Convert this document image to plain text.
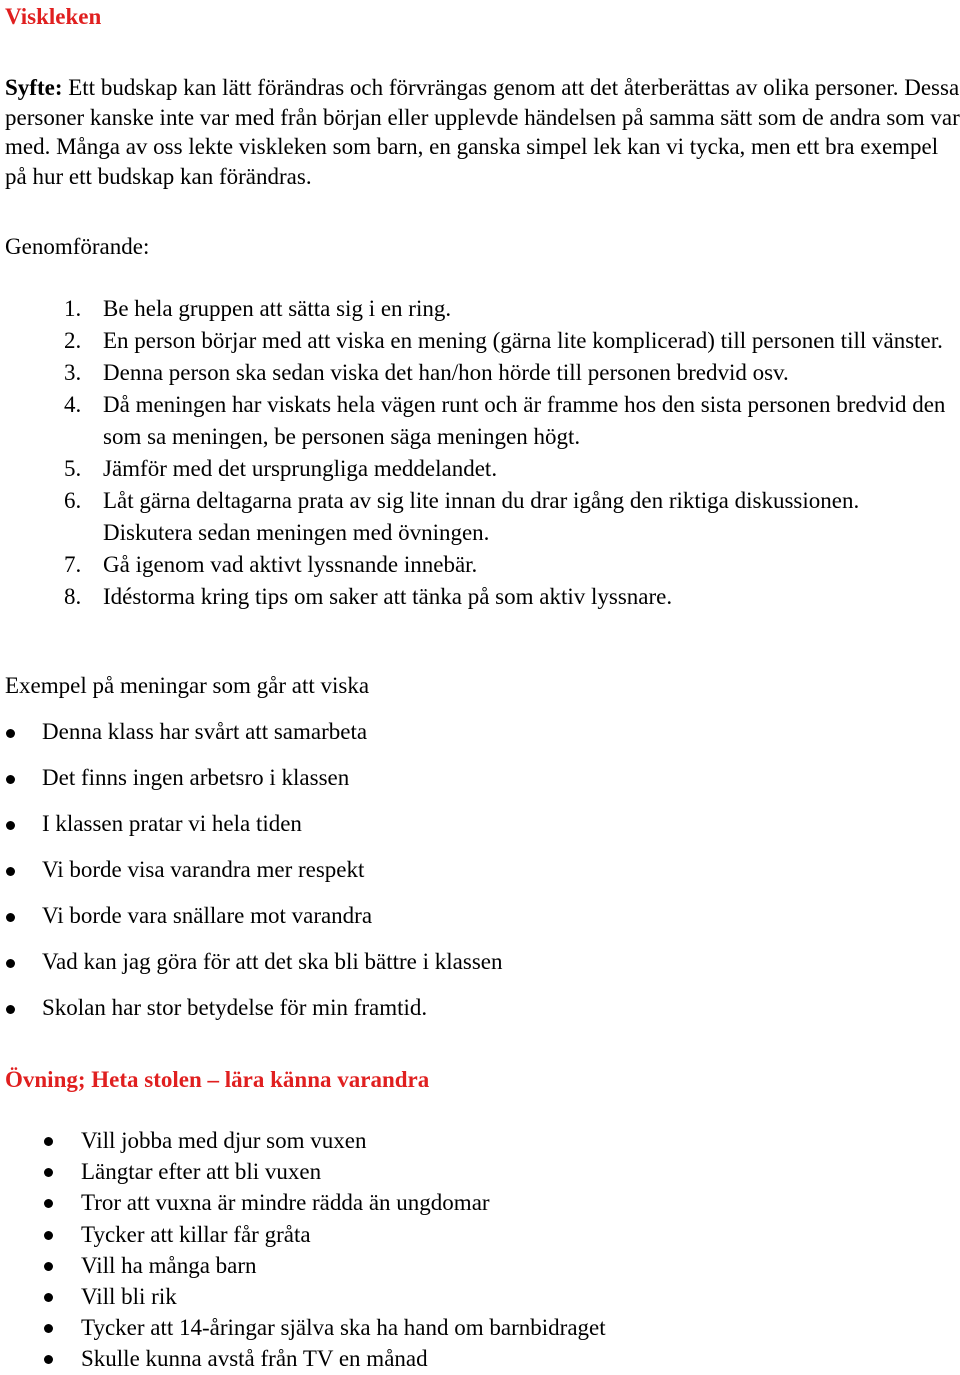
Viskleken

Syfte: Ett budskap kan lätt förändras och förvrängas genom att det återberättas av olika personer. Dessa personer kanske inte var med från början eller upplevde händelsen på samma sätt som de andra som var med. Många av oss lekte viskleken som barn, en ganska simpel lek kan vi tycka, men ett bra exempel på hur ett budskap kan förändras.

Genomförande:
1. Be hela gruppen att sätta sig i en ring.
2. En person börjar med att viska en mening (gärna lite komplicerad) till personen till vänster.
3. Denna person ska sedan viska det han/hon hörde till personen bredvid osv.
4. Då meningen har viskats hela vägen runt och är framme hos den sista personen bredvid den som sa meningen, be personen säga meningen högt.
5. Jämför med det ursprungliga meddelandet.
6. Låt gärna deltagarna prata av sig lite innan du drar igång den riktiga diskussionen. Diskutera sedan meningen med övningen.
7. Gå igenom vad aktivt lyssnande innebär.
8. Idéstorma kring tips om saker att tänka på som aktiv lyssnare.
Exempel på meningar som går att viska
Denna klass har svårt att samarbeta
Det finns ingen arbetsro i klassen
I klassen pratar vi hela tiden
Vi borde visa varandra mer respekt
Vi borde vara snällare mot varandra
Vad kan jag göra för att det ska bli bättre i klassen
Skolan har stor betydelse för min framtid.
Övning; Heta stolen – lära känna varandra
Vill jobba med djur som vuxen
Längtar efter att bli vuxen
Tror att vuxna är mindre rädda än ungdomar
Tycker att killar får gråta
Vill ha många barn
Vill bli rik
Tycker att 14-åringar själva ska ha hand om barnbidraget
Skulle kunna avstå från TV en månad
